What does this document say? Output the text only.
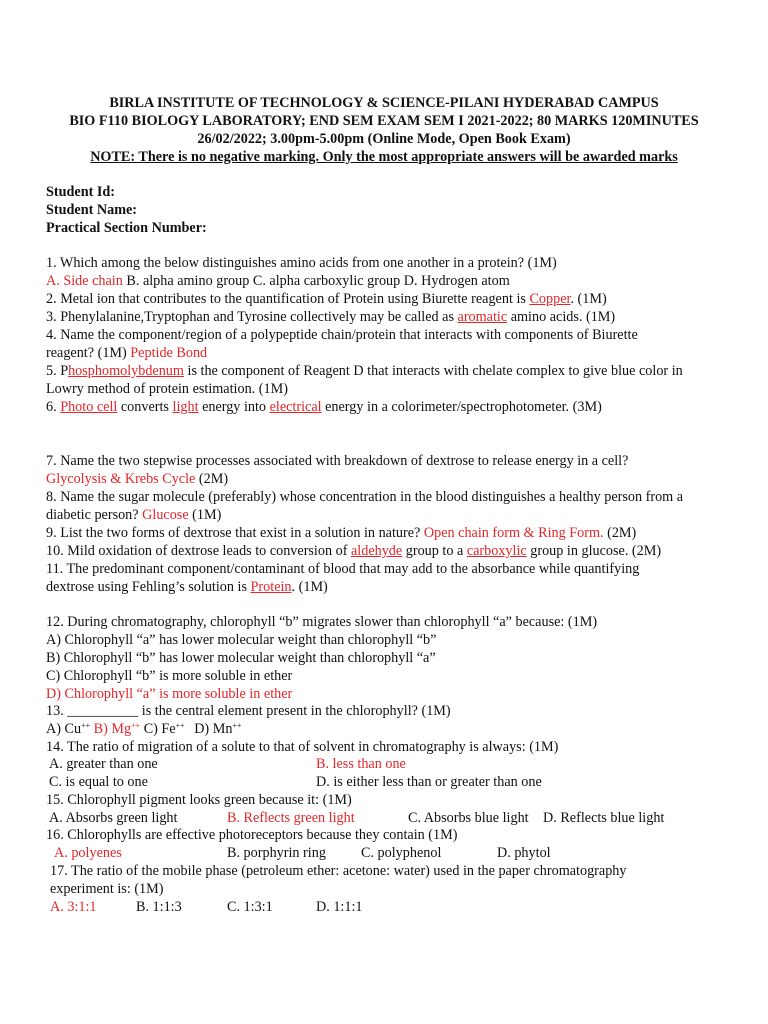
BIRLA INSTITUTE OF TECHNOLOGY & SCIENCE-PILANI HYDERABAD CAMPUS
BIO F110 BIOLOGY LABORATORY; END SEM EXAM SEM I 2021-2022; 80 MARKS 120MINUTES
26/02/2022; 3.00pm-5.00pm (Online Mode, Open Book Exam)
NOTE: There is no negative marking. Only the most appropriate answers will be awarded marks
Student Id:
Student Name:
Practical Section Number:
1. Which among the below distinguishes amino acids from one another in a protein? (1M)
A. Side chain B. alpha amino group C. alpha carboxylic group D. Hydrogen atom
2. Metal ion that contributes to the quantification of Protein using Biurette reagent is Copper. (1M)
3. Phenylalanine,Tryptophan and Tyrosine collectively may be called as aromatic amino acids. (1M)
4. Name the component/region of a polypeptide chain/protein that interacts with components of Biurette
reagent? (1M) Peptide Bond
5. Phosphomolybdenum is the component of Reagent D that interacts with chelate complex to give blue color in
Lowry method of protein estimation. (1M)
6. Photo cell converts light energy into electrical energy in a colorimeter/spectrophotometer. (3M)
7. Name the two stepwise processes associated with breakdown of dextrose to release energy in a cell?
Glycolysis & Krebs Cycle (2M)
8. Name the sugar molecule (preferably) whose concentration in the blood distinguishes a healthy person from a
diabetic person? Glucose (1M)
9. List the two forms of dextrose that exist in a solution in nature? Open chain form & Ring Form. (2M)
10. Mild oxidation of dextrose leads to conversion of aldehyde group to a carboxylic group in glucose. (2M)
11. The predominant component/contaminant of blood that may add to the absorbance while quantifying
dextrose using Fehling’s solution is Protein. (1M)
12. During chromatography, chlorophyll “b” migrates slower than chlorophyll “a” because: (1M)
A) Chlorophyll “a” has lower molecular weight than chlorophyll “b”
B) Chlorophyll “b” has lower molecular weight than chlorophyll “a”
C) Chlorophyll “b” is more soluble in ether
D) Chlorophyll “a” is more soluble in ether
13. __________ is the central element present in the chlorophyll? (1M)
A) Cu++ B) Mg++ C) Fe++ D) Mn++
14. The ratio of migration of a solute to that of solvent in chromatography is always: (1M)
A. greater than one	B. less than one
C. is equal to one	D. is either less than or greater than one
15. Chlorophyll pigment looks green because it: (1M)
A. Absorbs green light	B. Reflects green light	C. Absorbs blue light D. Reflects blue light
16. Chlorophylls are effective photoreceptors because they contain (1M)
A. polyenes	B. porphyrin ring C. polyphenol	D. phytol
17. The ratio of the mobile phase (petroleum ether: acetone: water) used in the paper chromatography
experiment is: (1M)
A. 3:1:1	B. 1:1:3	C. 1:3:1	D. 1:1:1
